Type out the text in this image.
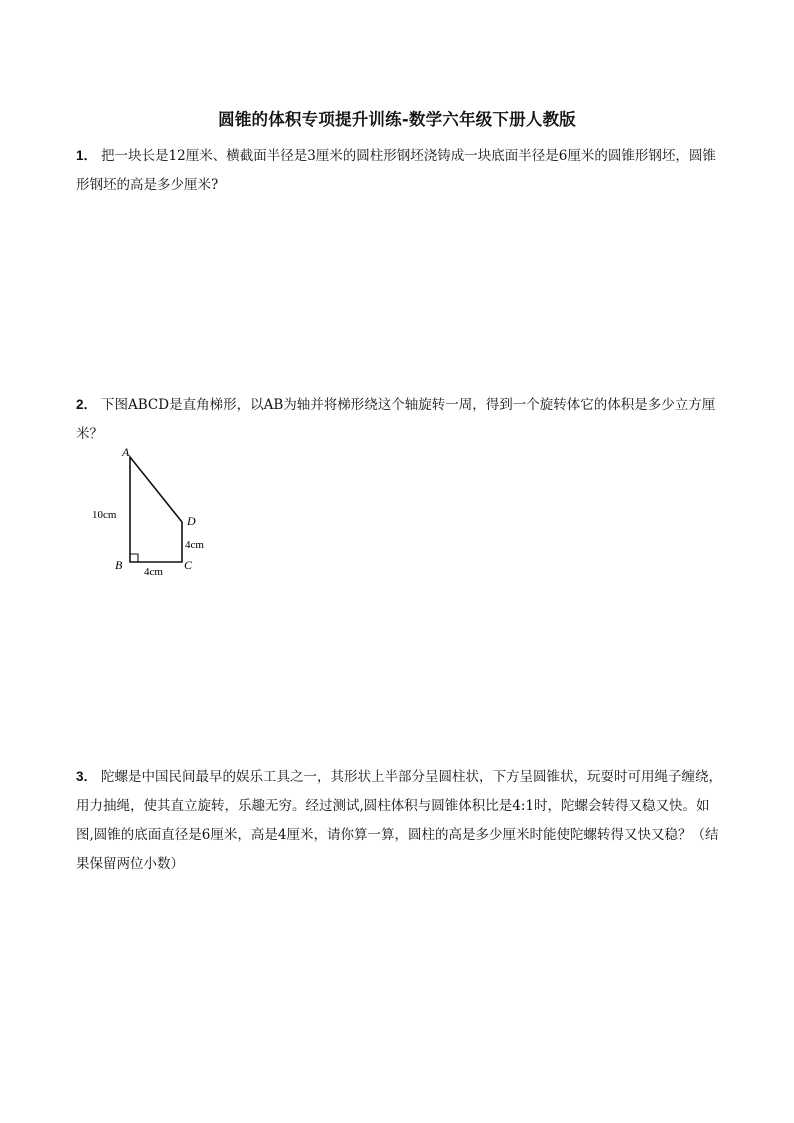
圆锥的体积专项提升训练-数学六年级下册人教版
1． 把一块长是12厘米、横截面半径是3厘米的圆柱形钢坯浇铸成一块底面半径是6厘米的圆锥形钢坯，圆锥形钢坯的高是多少厘米?
2． 下图ABCD是直角梯形，以AB为轴并将梯形绕这个轴旋转一周，得到一个旋转体它的体积是多少立方厘米？
A
B	C
D
10cm
4cm
4cm
3． 陀螺是中国民间最早的娱乐工具之一，其形状上半部分呈圆柱状，下方呈圆锥状，玩耍时可用绳子缠绕，用力抽绳，使其直立旋转，乐趣无穷。经过测试,圆柱体积与圆锥体积比是4:1时，陀螺会转得又稳又快。如图,圆锥的底面直径是6厘米，高是4厘米，请你算一算，圆柱的高是多少厘米时能使陀螺转得又快又稳？（结果保留两位小数）
